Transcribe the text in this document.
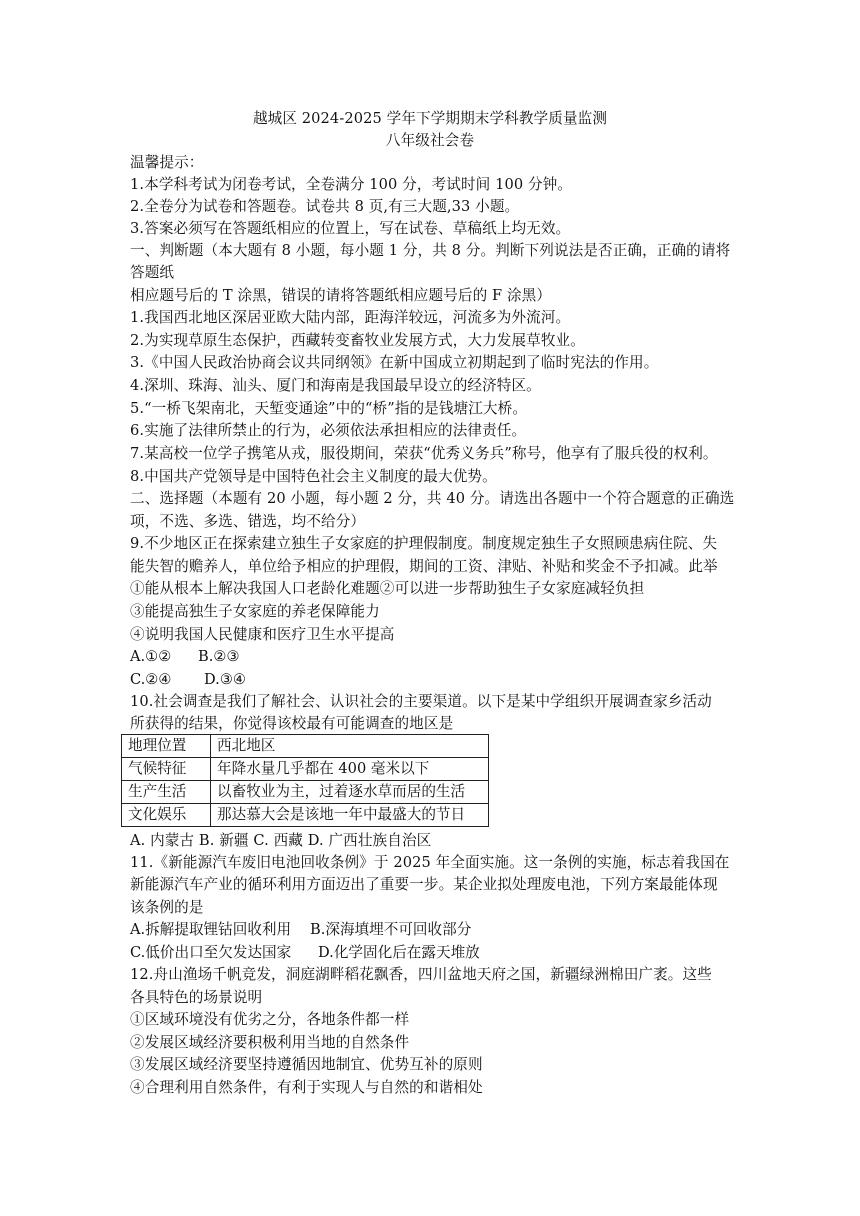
越城区 2024-2025 学年下学期期末学科教学质量监测
八年级社会卷
温馨提示：
1.本学科考试为闭卷考试，全卷满分 100 分，考试时间 100 分钟。
2.全卷分为试卷和答题卷。试卷共 8 页,有三大题,33 小题。
3.答案必须写在答题纸相应的位置上，写在试卷、草稿纸上均无效。
一、判断题（本大题有 8 小题，每小题 1 分，共 8 分。判断下列说法是否正确，正确的请将
答题纸
相应题号后的 T 涂黑，错误的请将答题纸相应题号后的 F 涂黑）
1.我国西北地区深居亚欧大陆内部，距海洋较远，河流多为外流河。
2.为实现草原生态保护，西藏转变畜牧业发展方式，大力发展草牧业。
3.《中国人民政治协商会议共同纲领》在新中国成立初期起到了临时宪法的作用。
4.深圳、珠海、汕头、厦门和海南是我国最早设立的经济特区。
5.“一桥飞架南北，天堑变通途”中的“桥”指的是钱塘江大桥。
6.实施了法律所禁止的行为，必须依法承担相应的法律责任。
7.某高校一位学子携笔从戎，服役期间，荣获“优秀义务兵”称号，他享有了服兵役的权利。
8.中国共产党领导是中国特色社会主义制度的最大优势。
二、选择题（本题有 20 小题，每小题 2 分，共 40 分。请选出各题中一个符合题意的正确选
项，不选、多选、错选，均不给分）
9.不少地区正在探索建立独生子女家庭的护理假制度。制度规定独生子女照顾患病住院、失
能失智的赡养人，单位给予相应的护理假，期间的工资、津贴、补贴和奖金不予扣减。此举
①能从根本上解决我国人口老龄化难题②可以进一步帮助独生子女家庭减轻负担
③能提高独生子女家庭的养老保障能力
④说明我国人民健康和医疗卫生水平提高
A.①② B.②③
C.②④ D.③④
10.社会调查是我们了解社会、认识社会的主要渠道。以下是某中学组织开展调查家乡活动
所获得的结果，你觉得该校最有可能调查的地区是
地理位置	西北地区
气候特征	年降水量几乎都在 400 毫米以下
生产生活	以畜牧业为主，过着逐水草而居的生活
文化娱乐	那达慕大会是该地一年中最盛大的节日
A. 内蒙古 B. 新疆 C. 西藏 D. 广西壮族自治区
11.《新能源汽车废旧电池回收条例》于 2025 年全面实施。这一条例的实施，标志着我国在
新能源汽车产业的循环利用方面迈出了重要一步。某企业拟处理废电池，下列方案最能体现
该条例的是
A.拆解提取锂钴回收利用 B.深海填埋不可回收部分
C.低价出口至欠发达国家 D.化学固化后在露天堆放
12.舟山渔场千帆竞发，洞庭湖畔稻花飘香，四川盆地天府之国，新疆绿洲棉田广袤。这些
各具特色的场景说明
①区域环境没有优劣之分，各地条件都一样
②发展区域经济要积极利用当地的自然条件
③发展区域经济要坚持遵循因地制宜、优势互补的原则
④合理利用自然条件，有利于实现人与自然的和谐相处
